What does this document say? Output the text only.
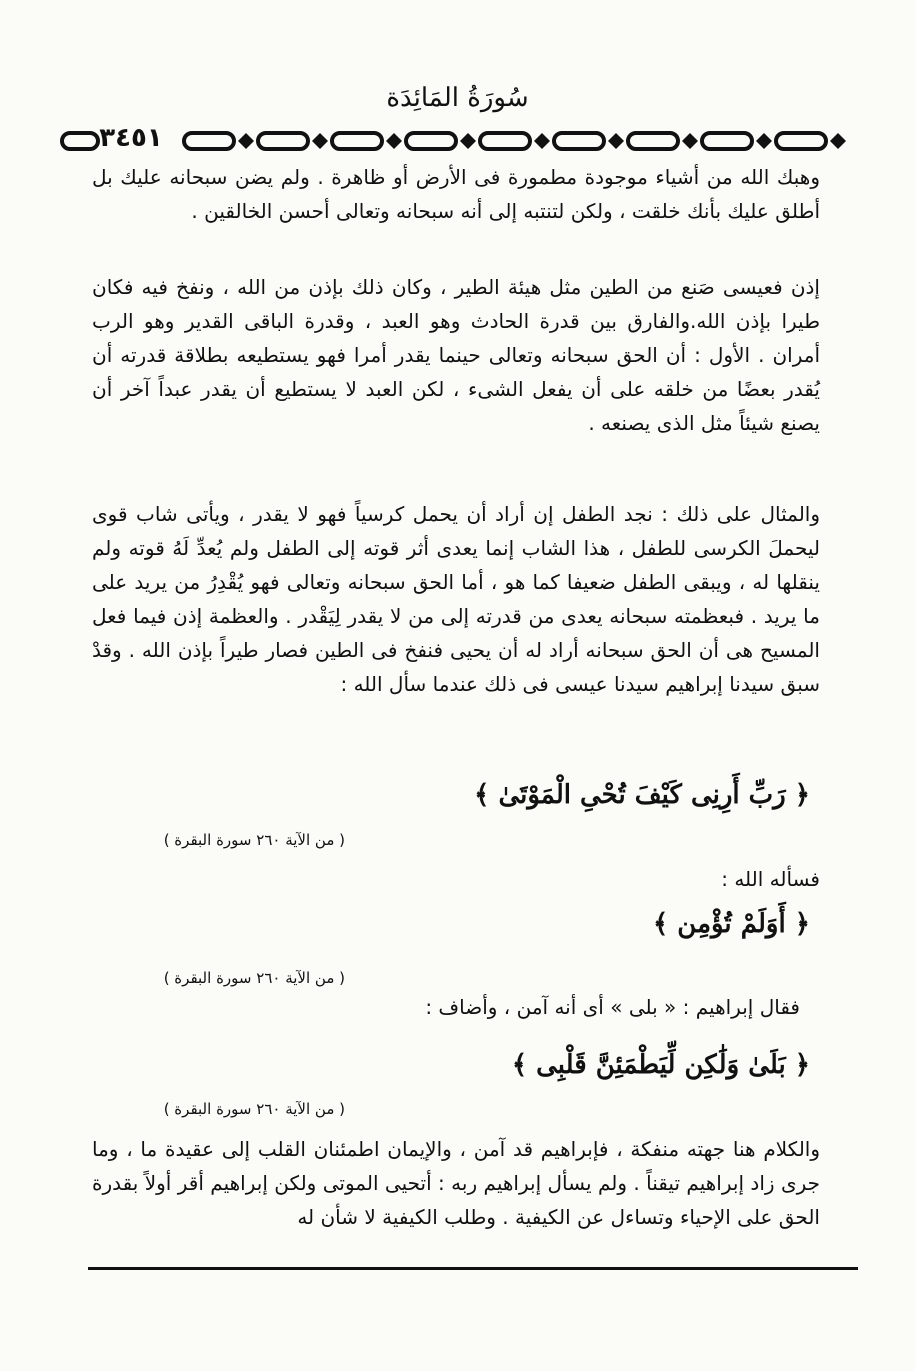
سُورَةُ المَائِدَة
٣٤٥١
وهبك الله من أشياء موجودة مطمورة فى الأرض أو ظاهرة . ولم يضن سبحانه عليك بل أطلق عليك بأنك خلقت ، ولكن لتنتبه إلى أنه سبحانه وتعالى أحسن الخالقين .
إذن فعيسى صَنع من الطين مثل هيئة الطير ، وكان ذلك بإذن من الله ، ونفخ فيه فكان طيرا بإذن الله.والفارق بين قدرة الحادث وهو العبد ، وقدرة الباقى القدير وهو الرب أمران . الأول : أن الحق سبحانه وتعالى حينما يقدر أمرا فهو يستطيعه بطلاقة قدرته أن يُقدر بعضًا من خلقه على أن يفعل الشىء ، لكن العبد لا يستطيع أن يقدر عبداً آخر أن يصنع شيئاً مثل الذى يصنعه .
والمثال على ذلك : نجد الطفل إن أراد أن يحمل كرسياً فهو لا يقدر ، ويأتى شاب قوى ليحملَ الكرسى للطفل ، هذا الشاب إنما يعدى أثر قوته إلى الطفل ولم يُعدِّ لَهُ قوته ولم ينقلها له ، ويبقى الطفل ضعيفا كما هو ، أما الحق سبحانه وتعالى فهو يُقْدِرُ من يريد على ما يريد . فبعظمته سبحانه يعدى من قدرته إلى من لا يقدر لِيَقْدر . والعظمة إذن فيما فعل المسيح هى أن الحق سبحانه أراد له أن يحيى فنفخ فى الطين فصار طيراً بإذن الله . وقدْ سبق سيدنا إبراهيم سيدنا عيسى فى ذلك عندما سأل الله :
﴿ رَبِّ أَرِنِى كَيْفَ تُحْىِ الْمَوْتَىٰ ﴾
( من الآية ٢٦٠ سورة البقرة )
فسأله الله :
﴿ أَوَلَمْ تُؤْمِن ﴾
( من الآية ٢٦٠ سورة البقرة )
فقال إبراهيم : « بلى » أى أنه آمن ، وأضاف :
﴿ بَلَىٰ وَلَٰكِن لِّيَطْمَئِنَّ قَلْبِى ﴾
( من الآية ٢٦٠ سورة البقرة )
والكلام هنا جهته منفكة ، فإبراهيم قد آمن ، والإيمان اطمئنان القلب إلى عقيدة ما ، وما جرى زاد إبراهيم تيقناً . ولم يسأل إبراهيم ربه : أتحيى الموتى ولكن إبراهيم أقر أولاً بقدرة الحق على الإحياء وتساءل عن الكيفية . وطلب الكيفية لا شأن له
